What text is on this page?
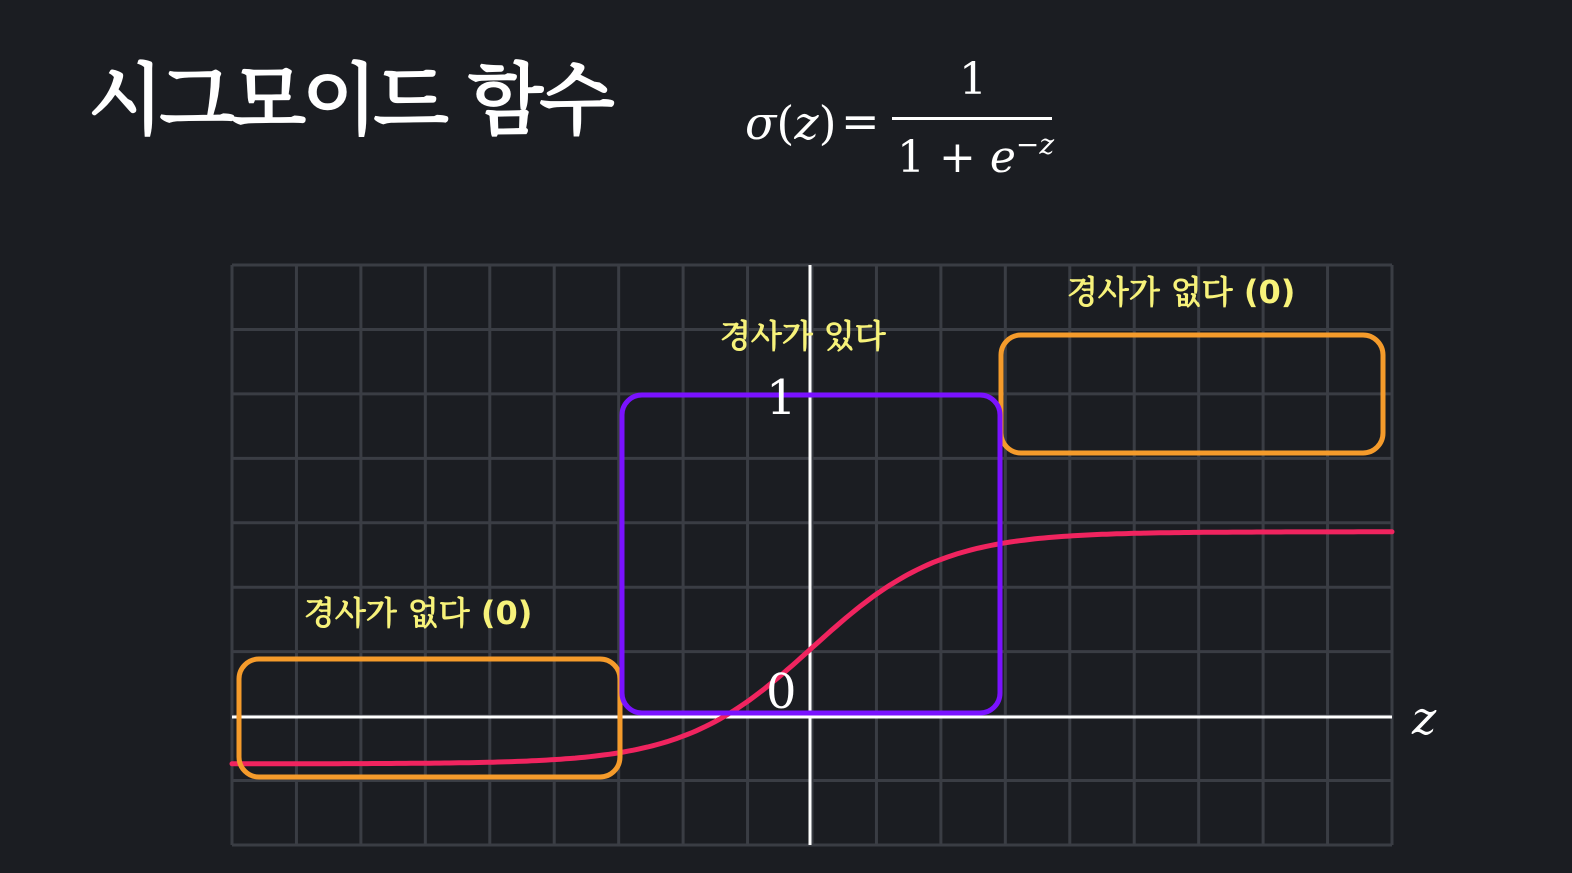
시그모이드 함수	σ(z) =
1
$1 + e^{-z}$
1
0	z
경사가 없다 (0)
경사가 있다
경사가 없다 (0)
